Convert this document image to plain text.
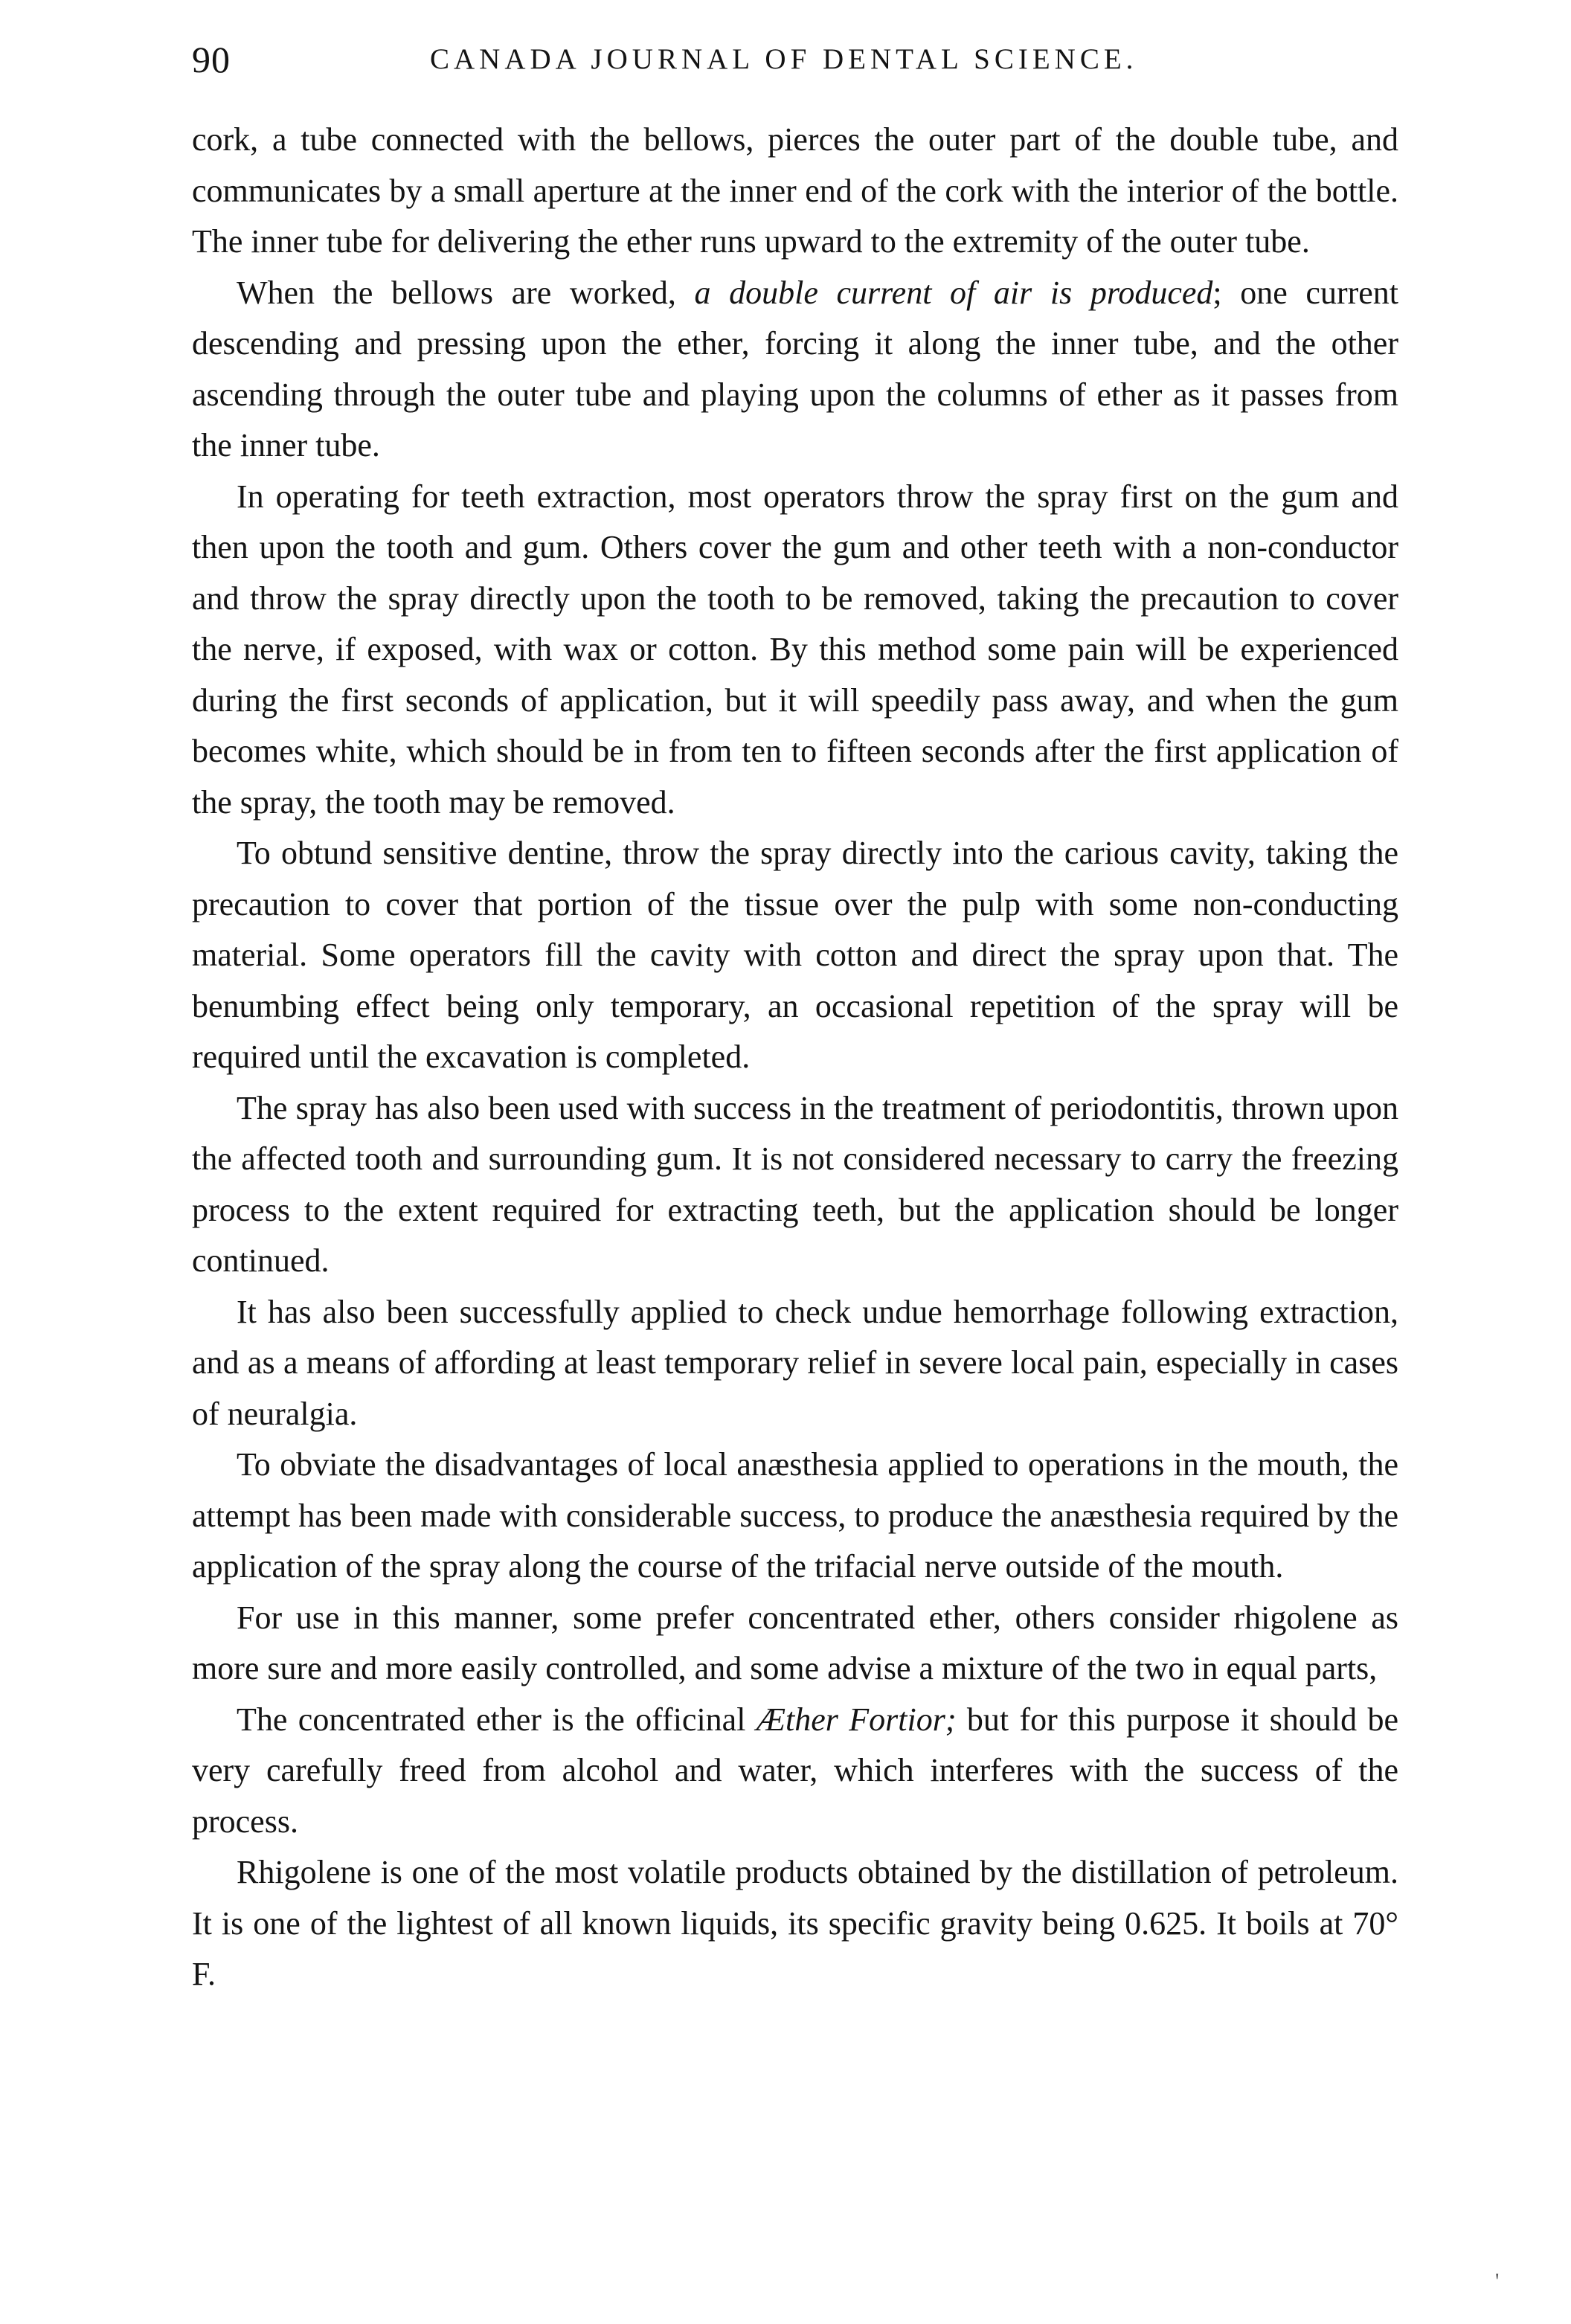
90	CANADA JOURNAL OF DENTAL SCIENCE.

cork, a tube connected with the bellows, pierces the outer part of the double tube, and communicates by a small aperture at the inner end of the cork with the interior of the bottle. The inner tube for delivering the ether runs upward to the extremity of the outer tube.

When the bellows are worked, a double current of air is produced; one current descending and pressing upon the ether, forcing it along the inner tube, and the other ascending through the outer tube and playing upon the columns of ether as it passes from the inner tube.

In operating for teeth extraction, most operators throw the spray first on the gum and then upon the tooth and gum. Others cover the gum and other teeth with a non-conductor and throw the spray directly upon the tooth to be removed, taking the precaution to cover the nerve, if exposed, with wax or cotton. By this method some pain will be experienced during the first seconds of application, but it will speedily pass away, and when the gum becomes white, which should be in from ten to fifteen seconds after the first application of the spray, the tooth may be removed.

To obtund sensitive dentine, throw the spray directly into the carious cavity, taking the precaution to cover that portion of the tissue over the pulp with some non-conducting material. Some operators fill the cavity with cotton and direct the spray upon that. The benumbing effect being only temporary, an occasional repetition of the spray will be required until the excavation is completed.

The spray has also been used with success in the treatment of periodontitis, thrown upon the affected tooth and surrounding gum. It is not considered necessary to carry the freezing process to the extent required for extracting teeth, but the application should be longer continued.

It has also been successfully applied to check undue hemorrhage following extraction, and as a means of affording at least temporary relief in severe local pain, especially in cases of neuralgia.

To obviate the disadvantages of local anæsthesia applied to operations in the mouth, the attempt has been made with considerable success, to produce the anæsthesia required by the application of the spray along the course of the trifacial nerve outside of the mouth.

For use in this manner, some prefer concentrated ether, others consider rhigolene as more sure and more easily controlled, and some advise a mixture of the two in equal parts,

The concentrated ether is the officinal Æther Fortior; but for this purpose it should be very carefully freed from alcohol and water, which interferes with the success of the process.

Rhigolene is one of the most volatile products obtained by the distillation of petroleum. It is one of the lightest of all known liquids, its specific gravity being 0.625. It boils at 70° F.

'
